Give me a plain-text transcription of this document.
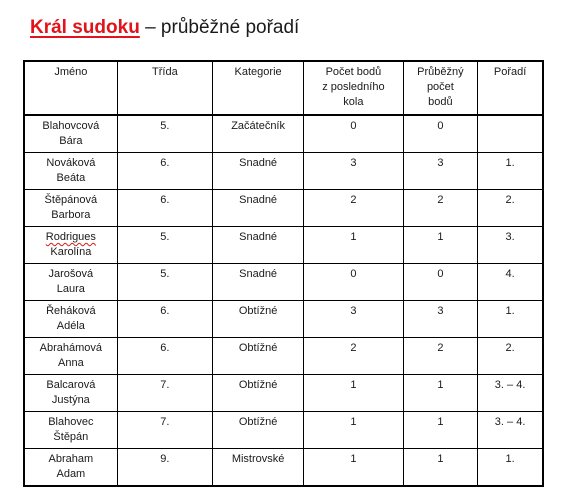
Král sudoku – průběžné pořadí
Jméno	Třída	Kategorie	Počet bodů
z posledního
kola	Průběžný
počet
bodů	Pořadí
Blahovcová
Bára	5.	Začátečník	0	0	
Nováková
Beáta	6.	Snadné	3	3	1.
Štěpánová
Barbora	6.	Snadné	2	2	2.
Rodrigues
Karolína	5.	Snadné	1	1	3.
Jarošová
Laura	5.	Snadné	0	0	4.
Řeháková
Adéla	6.	Obtížné	3	3	1.
Abrahámová
Anna	6.	Obtížné	2	2	2.
Balcarová
Justýna	7.	Obtížné	1	1	3. – 4.
Blahovec
Štěpán	7.	Obtížné	1	1	3. – 4.
Abraham
Adam	9.	Mistrovské	1	1	1.
